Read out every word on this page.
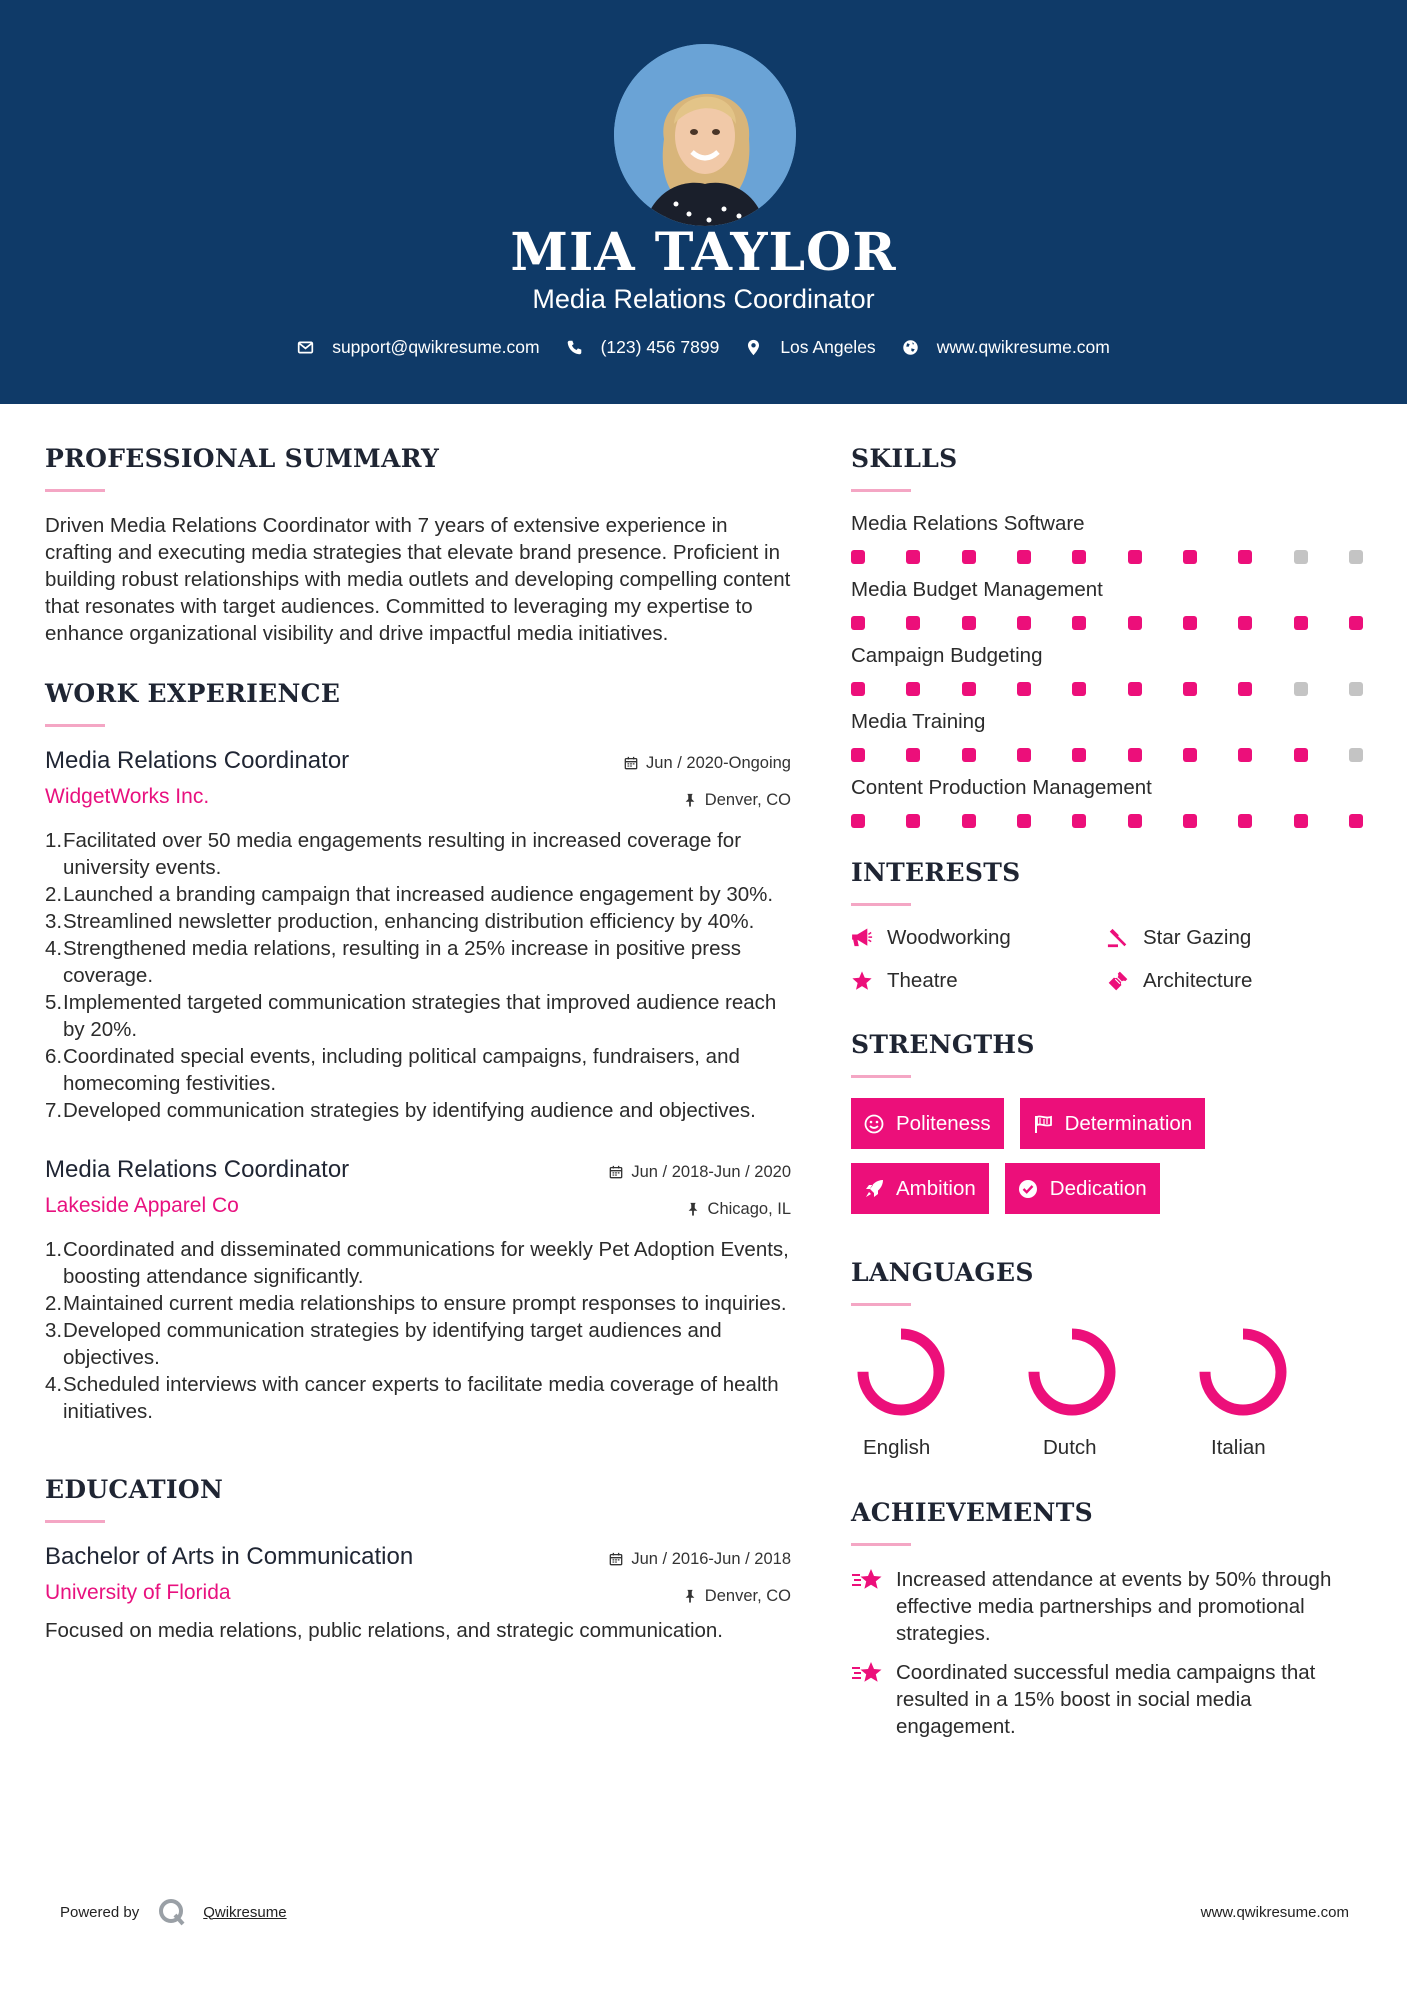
MIA TAYLOR
Media Relations Coordinator
support@qwikresume.com	(123) 456 7899	Los Angeles	www.qwikresume.com
PROFESSIONAL SUMMARY
Driven Media Relations Coordinator with 7 years of extensive experience in crafting and executing media strategies that elevate brand presence. Proficient in building robust relationships with media outlets and developing compelling content that resonates with target audiences. Committed to leveraging my expertise to enhance organizational visibility and drive impactful media initiatives.
WORK EXPERIENCE
Media Relations Coordinator
WidgetWorks Inc.
Jun / 2020-Ongoing
Denver, CO
1. Facilitated over 50 media engagements resulting in increased coverage for university events.
2. Launched a branding campaign that increased audience engagement by 30%.
3. Streamlined newsletter production, enhancing distribution efficiency by 40%.
4. Strengthened media relations, resulting in a 25% increase in positive press coverage.
5. Implemented targeted communication strategies that improved audience reach by 20%.
6. Coordinated special events, including political campaigns, fundraisers, and homecoming festivities.
7. Developed communication strategies by identifying audience and objectives.
Media Relations Coordinator
Lakeside Apparel Co
Jun / 2018-Jun / 2020
Chicago, IL
1. Coordinated and disseminated communications for weekly Pet Adoption Events, boosting attendance significantly.
2. Maintained current media relationships to ensure prompt responses to inquiries.
3. Developed communication strategies by identifying target audiences and objectives.
4. Scheduled interviews with cancer experts to facilitate media coverage of health initiatives.
EDUCATION
Bachelor of Arts in Communication
University of Florida
Jun / 2016-Jun / 2018
Denver, CO
Focused on media relations, public relations, and strategic communication.
SKILLS
Media Relations Software
Media Budget Management
Campaign Budgeting
Media Training
Content Production Management
INTERESTS
Woodworking	Star Gazing
Theatre	Architecture
STRENGTHS
Politeness	Determination
Ambition	Dedication
LANGUAGES
English	Dutch	Italian
ACHIEVEMENTS
Increased attendance at events by 50% through effective media partnerships and promotional strategies.
Coordinated successful media campaigns that resulted in a 15% boost in social media engagement.
Powered by	Qwikresume	www.qwikresume.com
